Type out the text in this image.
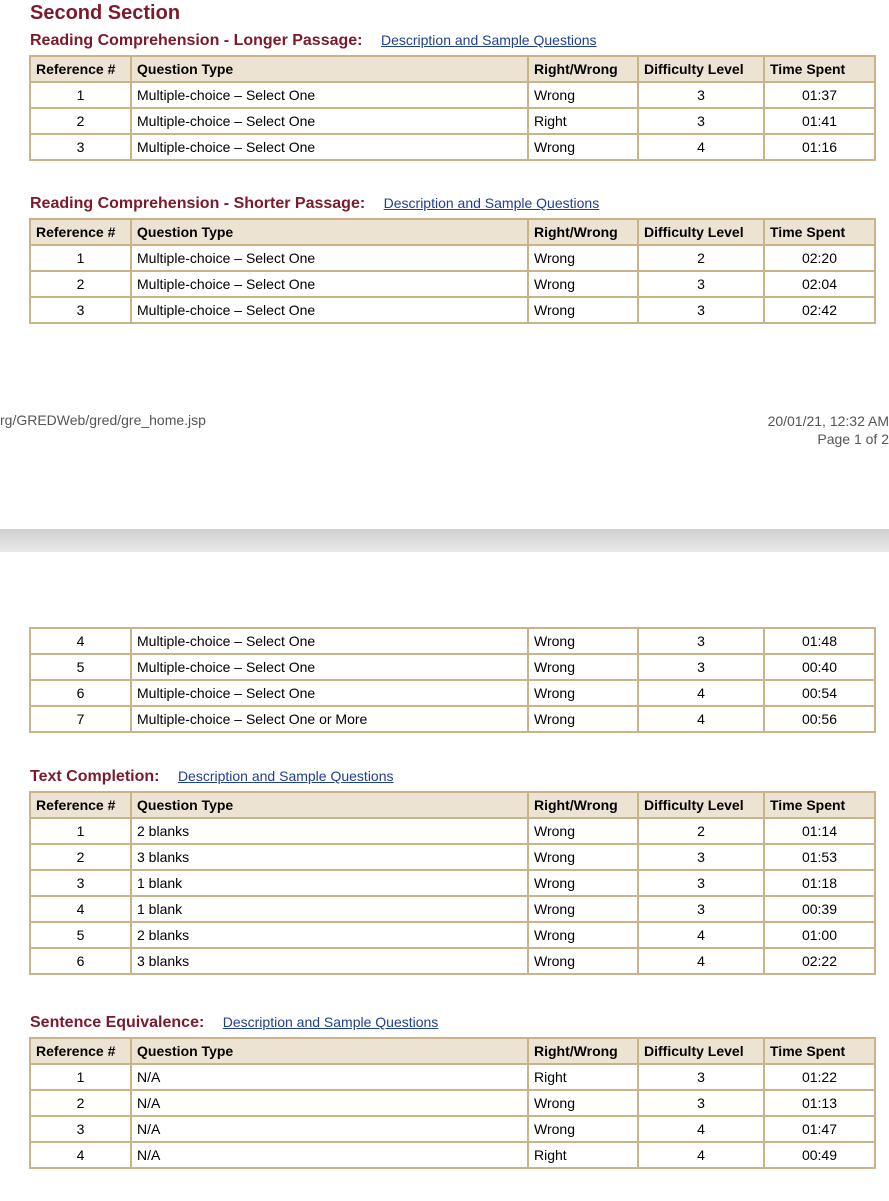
Second Section
Reading Comprehension - Longer Passage: Description and Sample Questions
Reference #	Question Type	Right/Wrong	Difficulty Level	Time Spent
1	Multiple-choice – Select One	Wrong	3	01:37
2	Multiple-choice – Select One	Right	3	01:41
3	Multiple-choice – Select One	Wrong	4	01:16
Reading Comprehension - Shorter Passage: Description and Sample Questions
Reference #	Question Type	Right/Wrong	Difficulty Level	Time Spent
1	Multiple-choice – Select One	Wrong	2	02:20
2	Multiple-choice – Select One	Wrong	3	02:04
3	Multiple-choice – Select One	Wrong	3	02:42
rg/GREDWeb/gred/gre_home.jsp	20/01/21, 12:32 AM
Page 1 of 2
4	Multiple-choice – Select One	Wrong	3	01:48
5	Multiple-choice – Select One	Wrong	3	00:40
6	Multiple-choice – Select One	Wrong	4	00:54
7	Multiple-choice – Select One or More	Wrong	4	00:56
Text Completion: Description and Sample Questions
Reference #	Question Type	Right/Wrong	Difficulty Level	Time Spent
1	2 blanks	Wrong	2	01:14
2	3 blanks	Wrong	3	01:53
3	1 blank	Wrong	3	01:18
4	1 blank	Wrong	3	00:39
5	2 blanks	Wrong	4	01:00
6	3 blanks	Wrong	4	02:22
Sentence Equivalence: Description and Sample Questions
Reference #	Question Type	Right/Wrong	Difficulty Level	Time Spent
1	N/A	Right	3	01:22
2	N/A	Wrong	3	01:13
3	N/A	Wrong	4	01:47
4	N/A	Right	4	00:49
